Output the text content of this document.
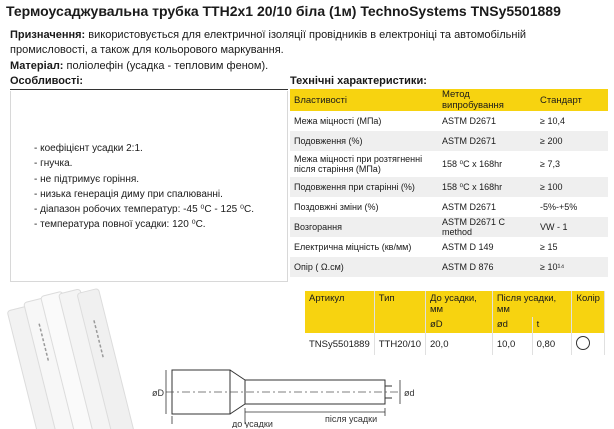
Термоусаджувальна трубка ТТН2х1 20/10 біла (1м) TechnoSystems TNSy5501889
Призначення: використовується для електричної ізоляції провідників в електроніці та автомобільній промисловості, а також для кольорового маркування.
Матеріал: поліолефін (усадка - тепловим феном).
Особливості:
- коефіцієнт усадки 2:1.
- гнучка.
- не підтримує горіння.
- низька генерація диму при спалюванні.
- діапазон робочих температур: -45 ⁰С - 125 ⁰С.
- температура повної усадки: 120 ⁰С.
Технічні характеристики:
Властивості	Метод випробування	Стандарт
Межа міцності (МПа)	ASTM D2671	≥ 10,4
Подовження (%)	ASTM D2671	≥ 200
Межа міцності при розтягненні після старіння (МПа)	158 ⁰C х 168hr	≥ 7,3
Подовження при старінні (%)	158 ⁰C х 168hr	≥ 100
Поздовжні зміни (%)	ASTM D2671	-5%-+5%
Возгорання	ASTM D2671 C method	VW - 1
Електрична міцність (кв/мм)	ASTM D 149	≥ 15
Опір ( Ω.см)	ASTM D 876	≥ 10¹⁴
Артикул	Тип	До усадки, мм	Після усадки, мм		Колір
		øD	ød	t	
TNSy5501889	ТТН20/10	20,0	10,0	0,80	
øD	ød
після усадки
до усадки
